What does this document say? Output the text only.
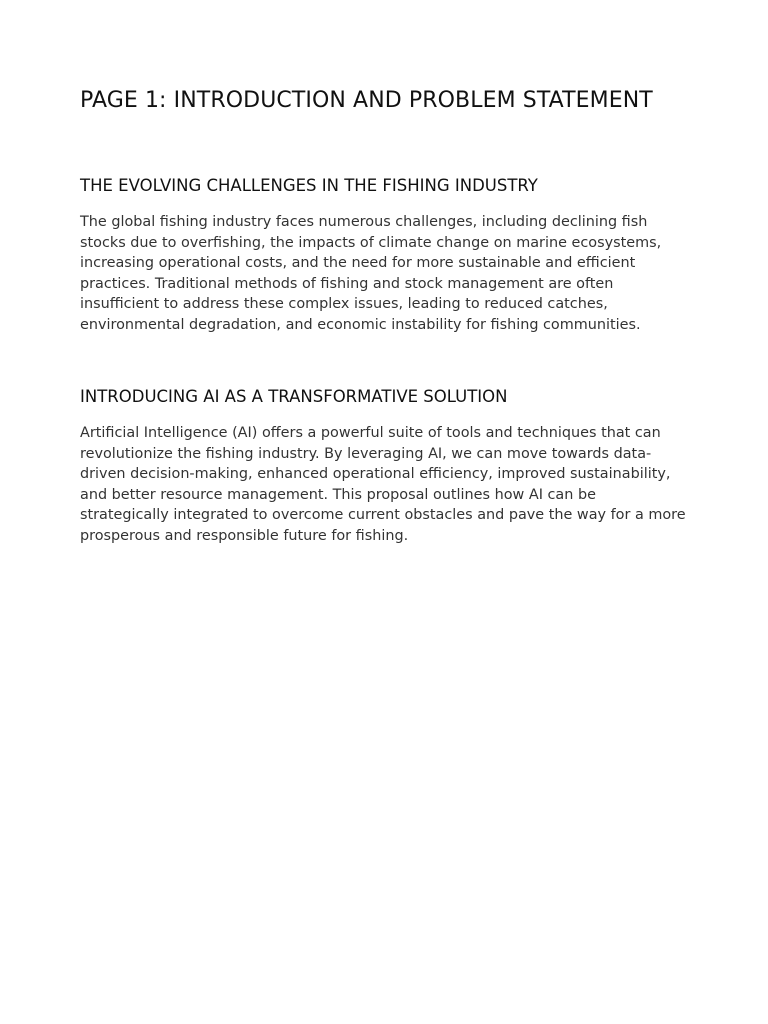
PAGE 1: INTRODUCTION AND PROBLEM STATEMENT
THE EVOLVING CHALLENGES IN THE FISHING INDUSTRY

The global fishing industry faces numerous challenges, including declining fish stocks due to overfishing, the impacts of climate change on marine ecosystems, increasing operational costs, and the need for more sustainable and efficient practices. Traditional methods of fishing and stock management are often insufficient to address these complex issues, leading to reduced catches, environmental degradation, and economic instability for fishing communities.

INTRODUCING AI AS A TRANSFORMATIVE SOLUTION

Artificial Intelligence (AI) offers a powerful suite of tools and techniques that can revolutionize the fishing industry. By leveraging AI, we can move towards data-driven decision-making, enhanced operational efficiency, improved sustainability, and better resource management. This proposal outlines how AI can be strategically integrated to overcome current obstacles and pave the way for a more prosperous and responsible future for fishing.
